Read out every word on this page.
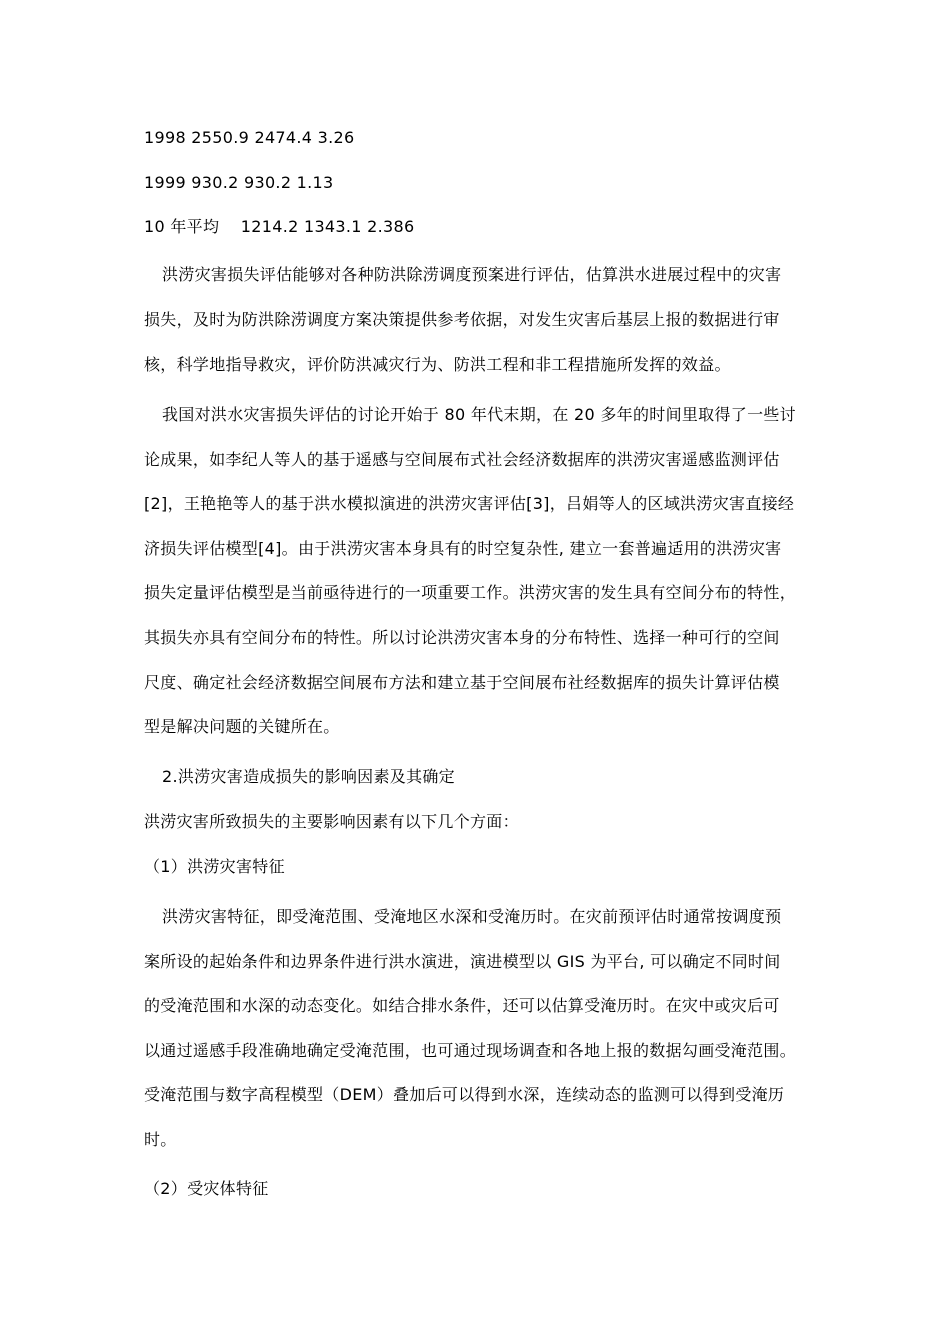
1998 2550.9 2474.4 3.26
1999 930.2 930.2 1.13
10 年平均    1214.2 1343.1 2.386
洪涝灾害损失评估能够对各种防洪除涝调度预案进行评估，估算洪水进展过程中的灾害
损失，及时为防洪除涝调度方案决策提供参考依据，对发生灾害后基层上报的数据进行审
核，科学地指导救灾，评价防洪减灾行为、防洪工程和非工程措施所发挥的效益。
我国对洪水灾害损失评估的讨论开始于 80 年代末期，在 20 多年的时间里取得了一些讨
论成果，如李纪人等人的基于遥感与空间展布式社会经济数据库的洪涝灾害遥感监测评估
[2]，王艳艳等人的基于洪水模拟演进的洪涝灾害评估[3]，吕娟等人的区域洪涝灾害直接经
济损失评估模型[4]。由于洪涝灾害本身具有的时空复杂性, 建立一套普遍适用的洪涝灾害
损失定量评估模型是当前亟待进行的一项重要工作。洪涝灾害的发生具有空间分布的特性，
其损失亦具有空间分布的特性。所以讨论洪涝灾害本身的分布特性、选择一种可行的空间
尺度、确定社会经济数据空间展布方法和建立基于空间展布社经数据库的损失计算评估模
型是解决问题的关键所在。
2.洪涝灾害造成损失的影响因素及其确定
洪涝灾害所致损失的主要影响因素有以下几个方面：
（1）洪涝灾害特征
洪涝灾害特征，即受淹范围、受淹地区水深和受淹历时。在灾前预评估时通常按调度预
案所设的起始条件和边界条件进行洪水演进，演进模型以 GIS 为平台, 可以确定不同时间
的受淹范围和水深的动态变化。如结合排水条件，还可以估算受淹历时。在灾中或灾后可
以通过遥感手段准确地确定受淹范围，也可通过现场调查和各地上报的数据勾画受淹范围。
受淹范围与数字高程模型（DEM）叠加后可以得到水深，连续动态的监测可以得到受淹历
时。
（2）受灾体特征
